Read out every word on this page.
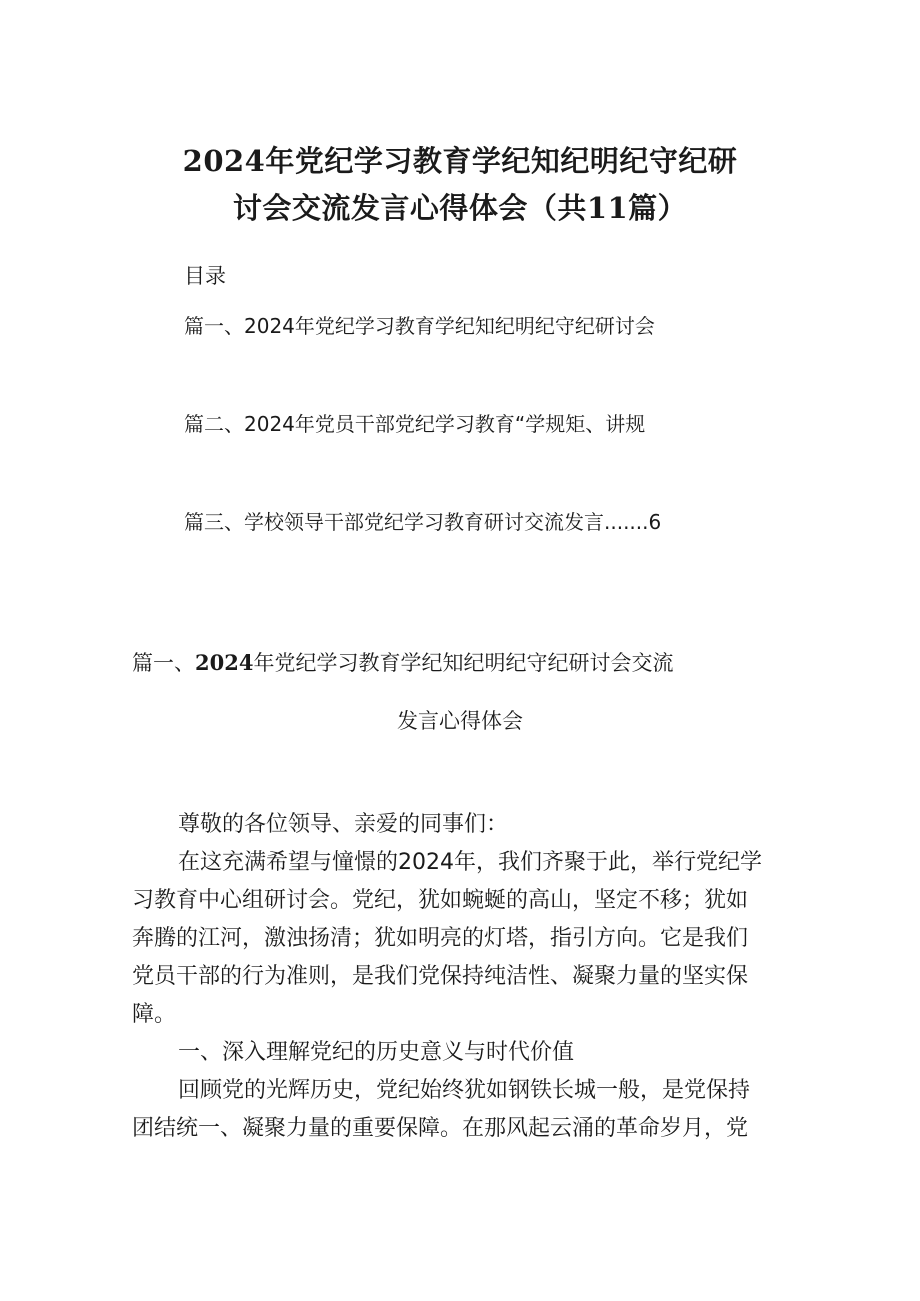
2024年党纪学习教育学纪知纪明纪守纪研
讨会交流发言心得体会（共11篇）
目录
篇一、2024年党纪学习教育学纪知纪明纪守纪研讨会
篇二、2024年党员干部党纪学习教育“学规矩、讲规
篇三、学校领导干部党纪学习教育研讨交流发言.......6
篇一、2024年党纪学习教育学纪知纪明纪守纪研讨会交流
发言心得体会

尊敬的各位领导、亲爱的同事们：

在这充满希望与憧憬的2024年，我们齐聚于此，举行党纪学

习教育中心组研讨会。党纪，犹如蜿蜒的高山，坚定不移；犹如

奔腾的江河，激浊扬清；犹如明亮的灯塔，指引方向。它是我们

党员干部的行为准则，是我们党保持纯洁性、凝聚力量的坚实保

障。

一、深入理解党纪的历史意义与时代价值

回顾党的光辉历史，党纪始终犹如钢铁长城一般，是党保持

团结统一、凝聚力量的重要保障。在那风起云涌的革命岁月，党
